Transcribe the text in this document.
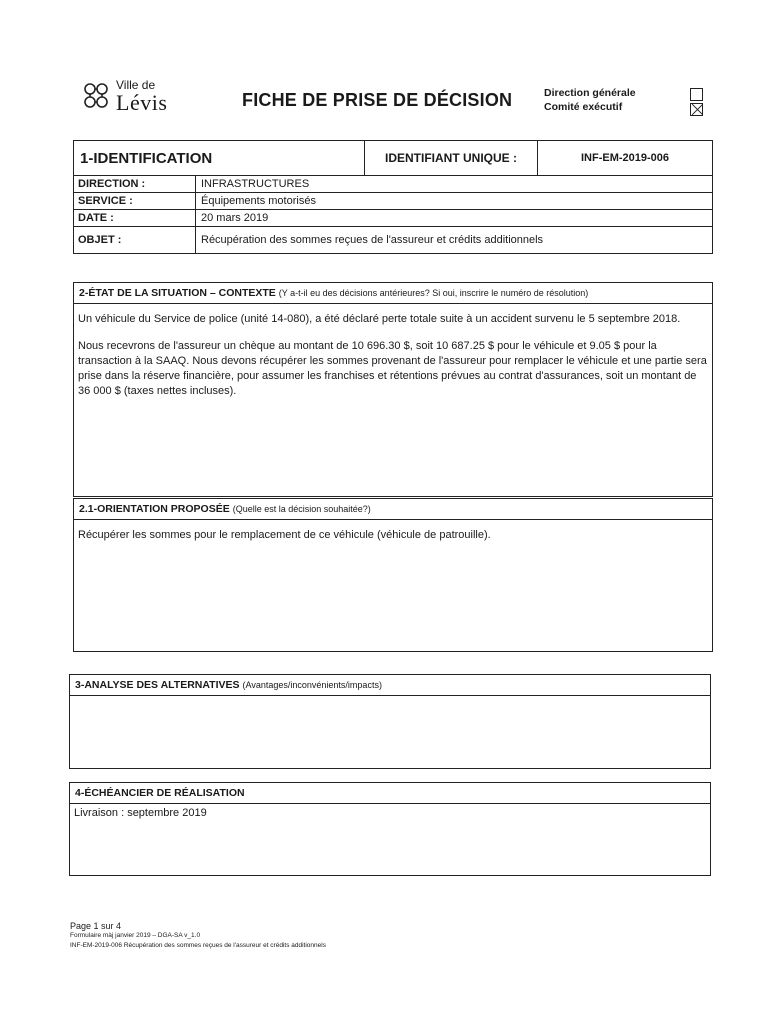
Ville de
Lévis	FICHE DE PRISE DE DÉCISION	Direction générale
Comité exécutif
1-IDENTIFICATION	IDENTIFIANT UNIQUE :	INF-EM-2019-006
DIRECTION :	INFRASTRUCTURES
SERVICE :	Équipements motorisés
DATE :	20 mars 2019
OBJET :	Récupération des sommes reçues de l'assureur et crédits additionnels
2-ÉTAT DE LA SITUATION – CONTEXTE (Y a-t-il eu des décisions antérieures? Si oui, inscrire le numéro de résolution)

Un véhicule du Service de police (unité 14-080), a été déclaré perte totale suite à un accident survenu le 5 septembre 2018.

Nous recevrons de l'assureur un chèque au montant de 10 696.30 $, soit 10 687.25 $ pour le véhicule et 9.05 $ pour la transaction à la SAAQ. Nous devons récupérer les sommes provenant de l'assureur pour remplacer le véhicule et une partie sera prise dans la réserve financière, pour assumer les franchises et rétentions prévues au contrat d'assurances, soit un montant de 36 000 $ (taxes nettes incluses).

2.1-ORIENTATION PROPOSÉE (Quelle est la décision souhaitée?)

Récupérer les sommes pour le remplacement de ce véhicule (véhicule de patrouille).

3-ANALYSE DES ALTERNATIVES (Avantages/inconvénients/impacts)
4-ÉCHÉANCIER DE RÉALISATION

Livraison : septembre 2019

Page 1 sur 4
Formulaire màj janvier 2019 – DGA-SA v_1.0
INF-EM-2019-006 Récupération des sommes reçues de l'assureur et crédits additionnels
